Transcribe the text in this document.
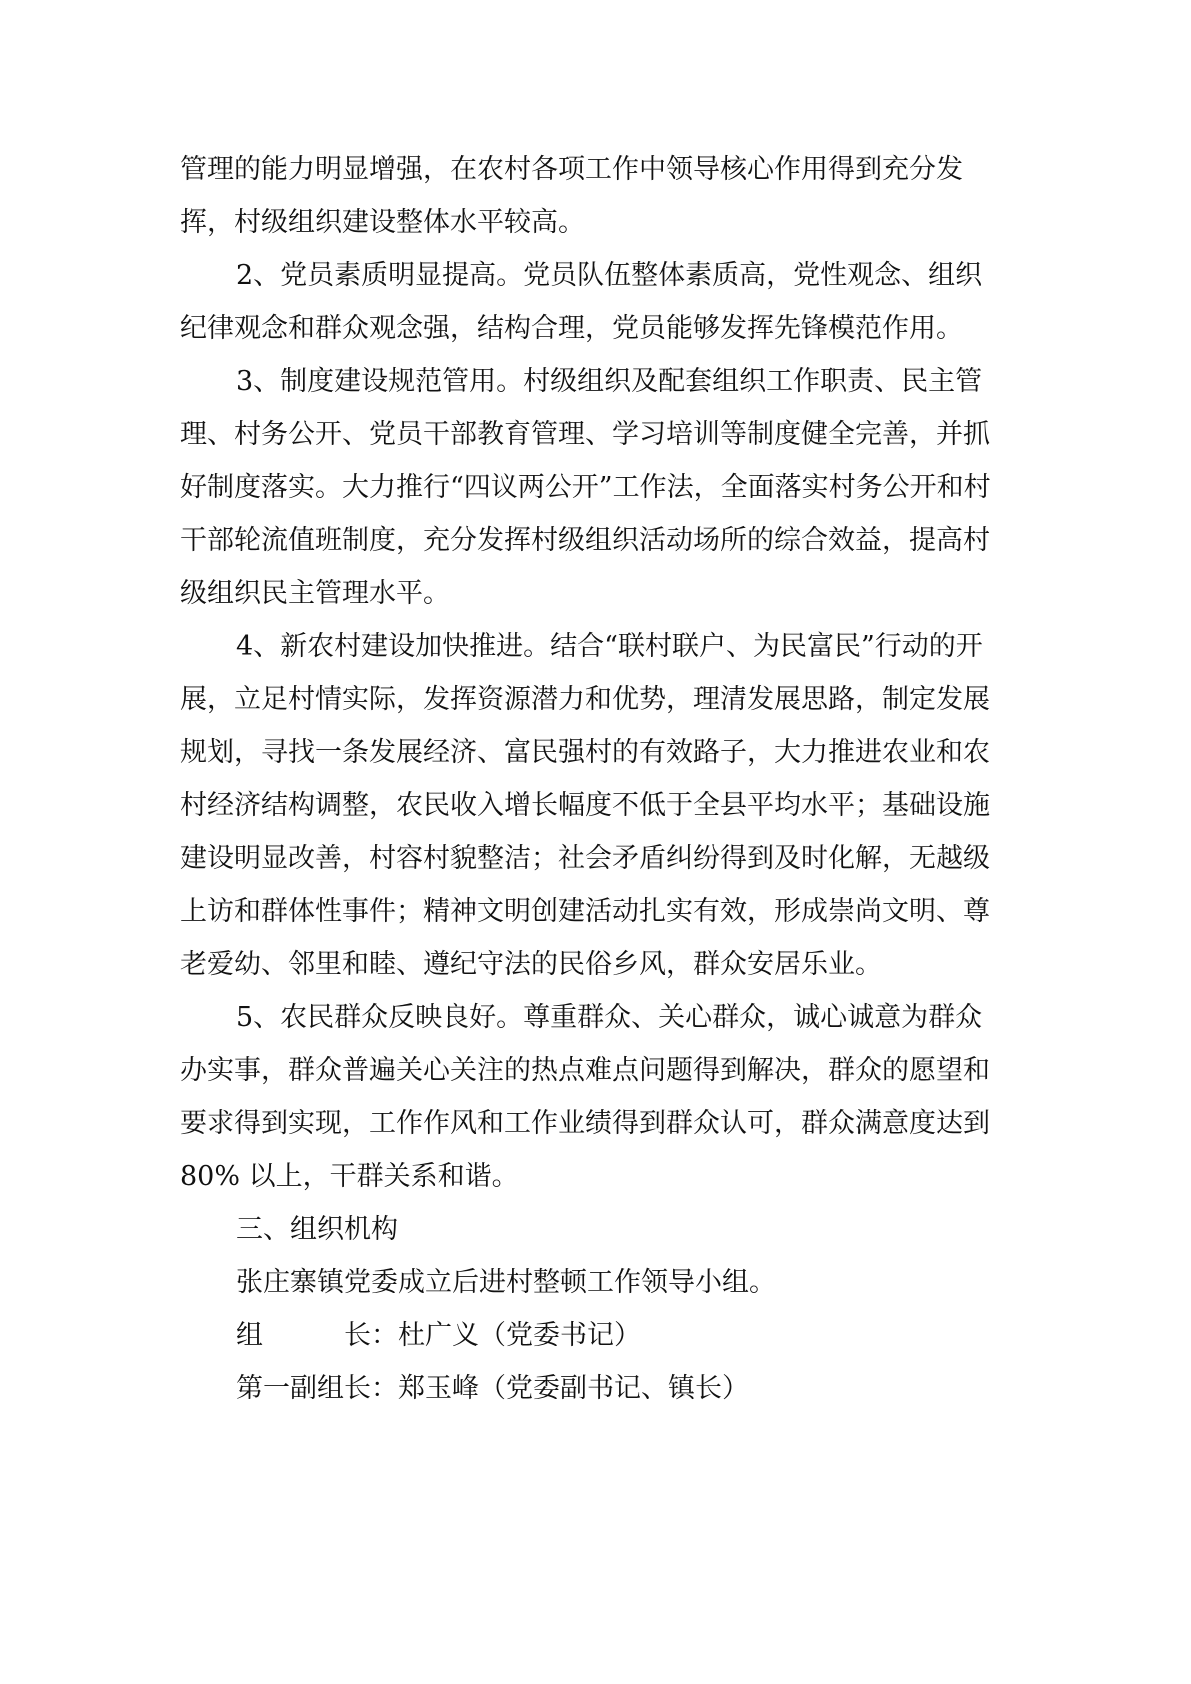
管理的能力明显增强，在农村各项工作中领导核心作用得到充分发
挥，村级组织建设整体水平较高。
2、党员素质明显提高。党员队伍整体素质高，党性观念、组织
纪律观念和群众观念强，结构合理，党员能够发挥先锋模范作用。
3、制度建设规范管用。村级组织及配套组织工作职责、民主管
理、村务公开、党员干部教育管理、学习培训等制度健全完善，并抓
好制度落实。大力推行“四议两公开”工作法，全面落实村务公开和村
干部轮流值班制度，充分发挥村级组织活动场所的综合效益，提高村
级组织民主管理水平。
4、新农村建设加快推进。结合“联村联户、为民富民”行动的开
展，立足村情实际，发挥资源潜力和优势，理清发展思路，制定发展
规划，寻找一条发展经济、富民强村的有效路子，大力推进农业和农
村经济结构调整，农民收入增长幅度不低于全县平均水平；基础设施
建设明显改善，村容村貌整洁；社会矛盾纠纷得到及时化解，无越级
上访和群体性事件；精神文明创建活动扎实有效，形成崇尚文明、尊
老爱幼、邻里和睦、遵纪守法的民俗乡风，群众安居乐业。
5、农民群众反映良好。尊重群众、关心群众，诚心诚意为群众
办实事，群众普遍关心关注的热点难点问题得到解决，群众的愿望和
要求得到实现，工作作风和工作业绩得到群众认可，群众满意度达到
80% 以上，干群关系和谐。
三、组织机构
张庄寨镇党委成立后进村整顿工作领导小组。
组　　　长：杜广义（党委书记）
第一副组长：郑玉峰（党委副书记、镇长）
